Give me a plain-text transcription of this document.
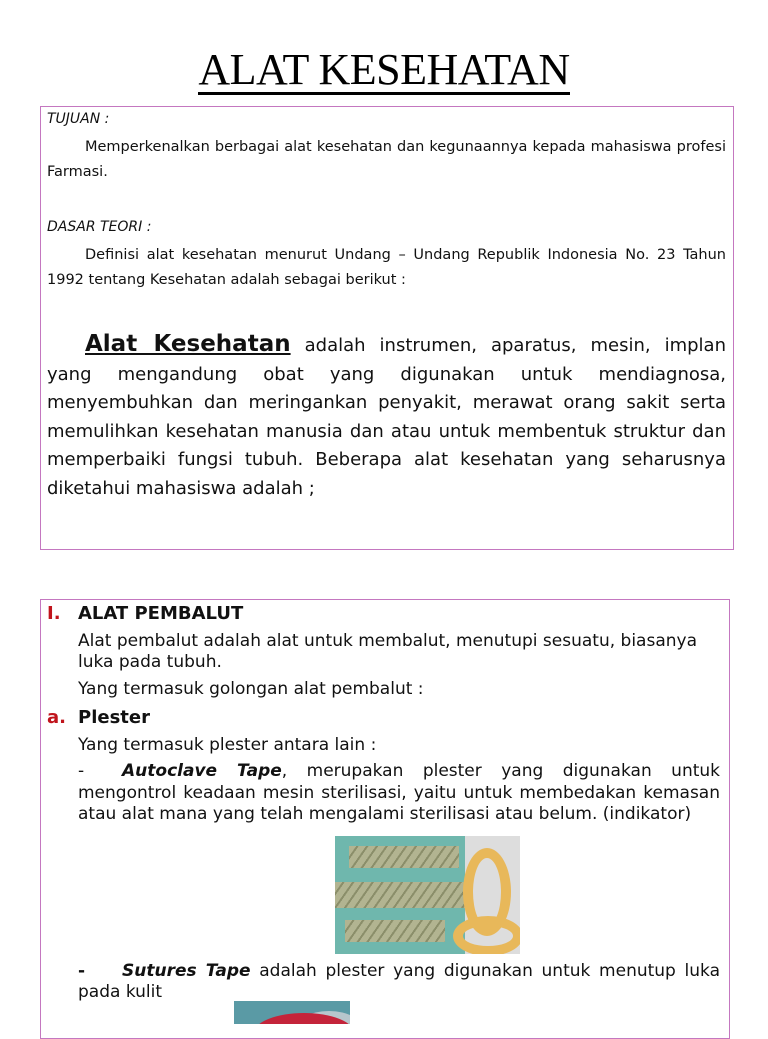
ALAT KESEHATAN
TUJUAN :
Memperkenalkan berbagai alat kesehatan dan kegunaannya kepada mahasiswa profesi Farmasi.
DASAR TEORI :
Definisi alat kesehatan menurut Undang – Undang Republik Indonesia No. 23 Tahun 1992 tentang Kesehatan adalah sebagai berikut :
Alat Kesehatan adalah instrumen, aparatus, mesin, implan yang mengandung obat yang digunakan untuk mendiagnosa, menyembuhkan dan meringankan penyakit, merawat orang sakit serta memulihkan kesehatan manusia dan atau untuk membentuk struktur dan memperbaiki fungsi tubuh. Beberapa alat kesehatan yang seharusnya diketahui mahasiswa adalah ;
I. ALAT PEMBALUT
Alat pembalut adalah alat untuk membalut, menutupi sesuatu, biasanya luka pada tubuh.
Yang termasuk golongan alat pembalut :
a. Plester
Yang termasuk plester antara lain :
- Autoclave Tape, merupakan plester yang digunakan untuk mengontrol keadaan mesin sterilisasi, yaitu untuk membedakan kemasan atau alat mana yang telah mengalami sterilisasi atau belum. (indikator)
- Sutures Tape adalah plester yang digunakan untuk menutup luka pada kulit
